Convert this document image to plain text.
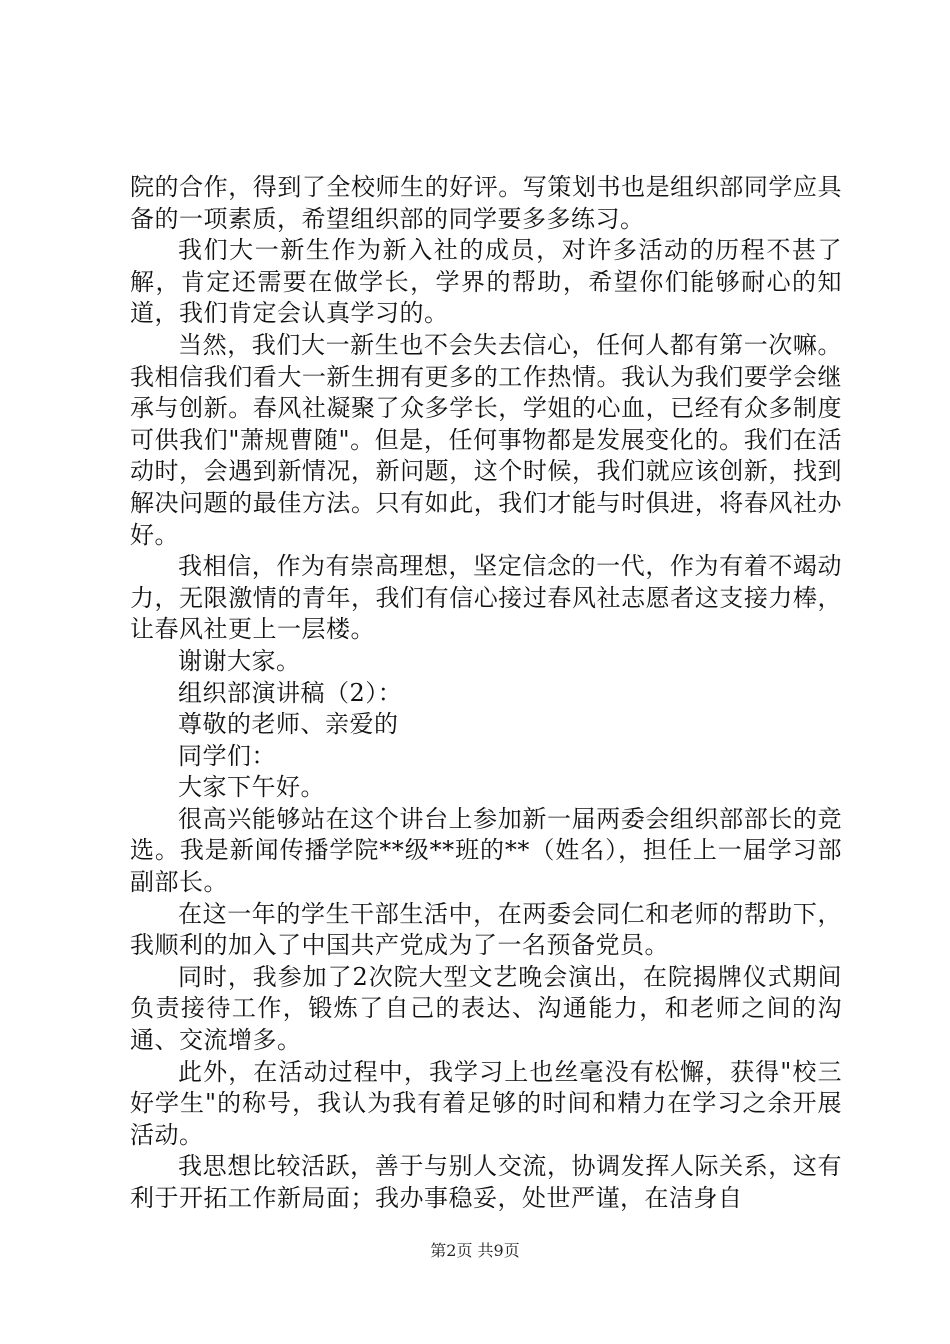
院的合作，得到了全校师生的好评。写策划书也是组织部同学应具备的一项素质，希望组织部的同学要多多练习。

我们大一新生作为新入社的成员，对许多活动的历程不甚了解，肯定还需要在做学长，学界的帮助，希望你们能够耐心的知道，我们肯定会认真学习的。

当然，我们大一新生也不会失去信心，任何人都有第一次嘛。我相信我们看大一新生拥有更多的工作热情。我认为我们要学会继承与创新。春风社凝聚了众多学长，学姐的心血，已经有众多制度可供我们"萧规曹随"。但是，任何事物都是发展变化的。我们在活动时，会遇到新情况，新问题，这个时候，我们就应该创新，找到解决问题的最佳方法。只有如此，我们才能与时俱进，将春风社办好。

我相信，作为有崇高理想，坚定信念的一代，作为有着不竭动力，无限激情的青年，我们有信心接过春风社志愿者这支接力棒，让春风社更上一层楼。

谢谢大家。

组织部演讲稿（2）：

尊敬的老师、亲爱的

同学们：

大家下午好。

很高兴能够站在这个讲台上参加新一届两委会组织部部长的竞选。我是新闻传播学院**级**班的**（姓名），担任上一届学习部副部长。

在这一年的学生干部生活中，在两委会同仁和老师的帮助下，我顺利的加入了中国共产党成为了一名预备党员。

同时，我参加了2次院大型文艺晚会演出，在院揭牌仪式期间负责接待工作，锻炼了自己的表达、沟通能力，和老师之间的沟通、交流增多。

此外，在活动过程中，我学习上也丝毫没有松懈，获得"校三好学生"的称号，我认为我有着足够的时间和精力在学习之余开展活动。

我思想比较活跃，善于与别人交流，协调发挥人际关系，这有利于开拓工作新局面；我办事稳妥，处世严谨，在洁身自

第2页 共9页
